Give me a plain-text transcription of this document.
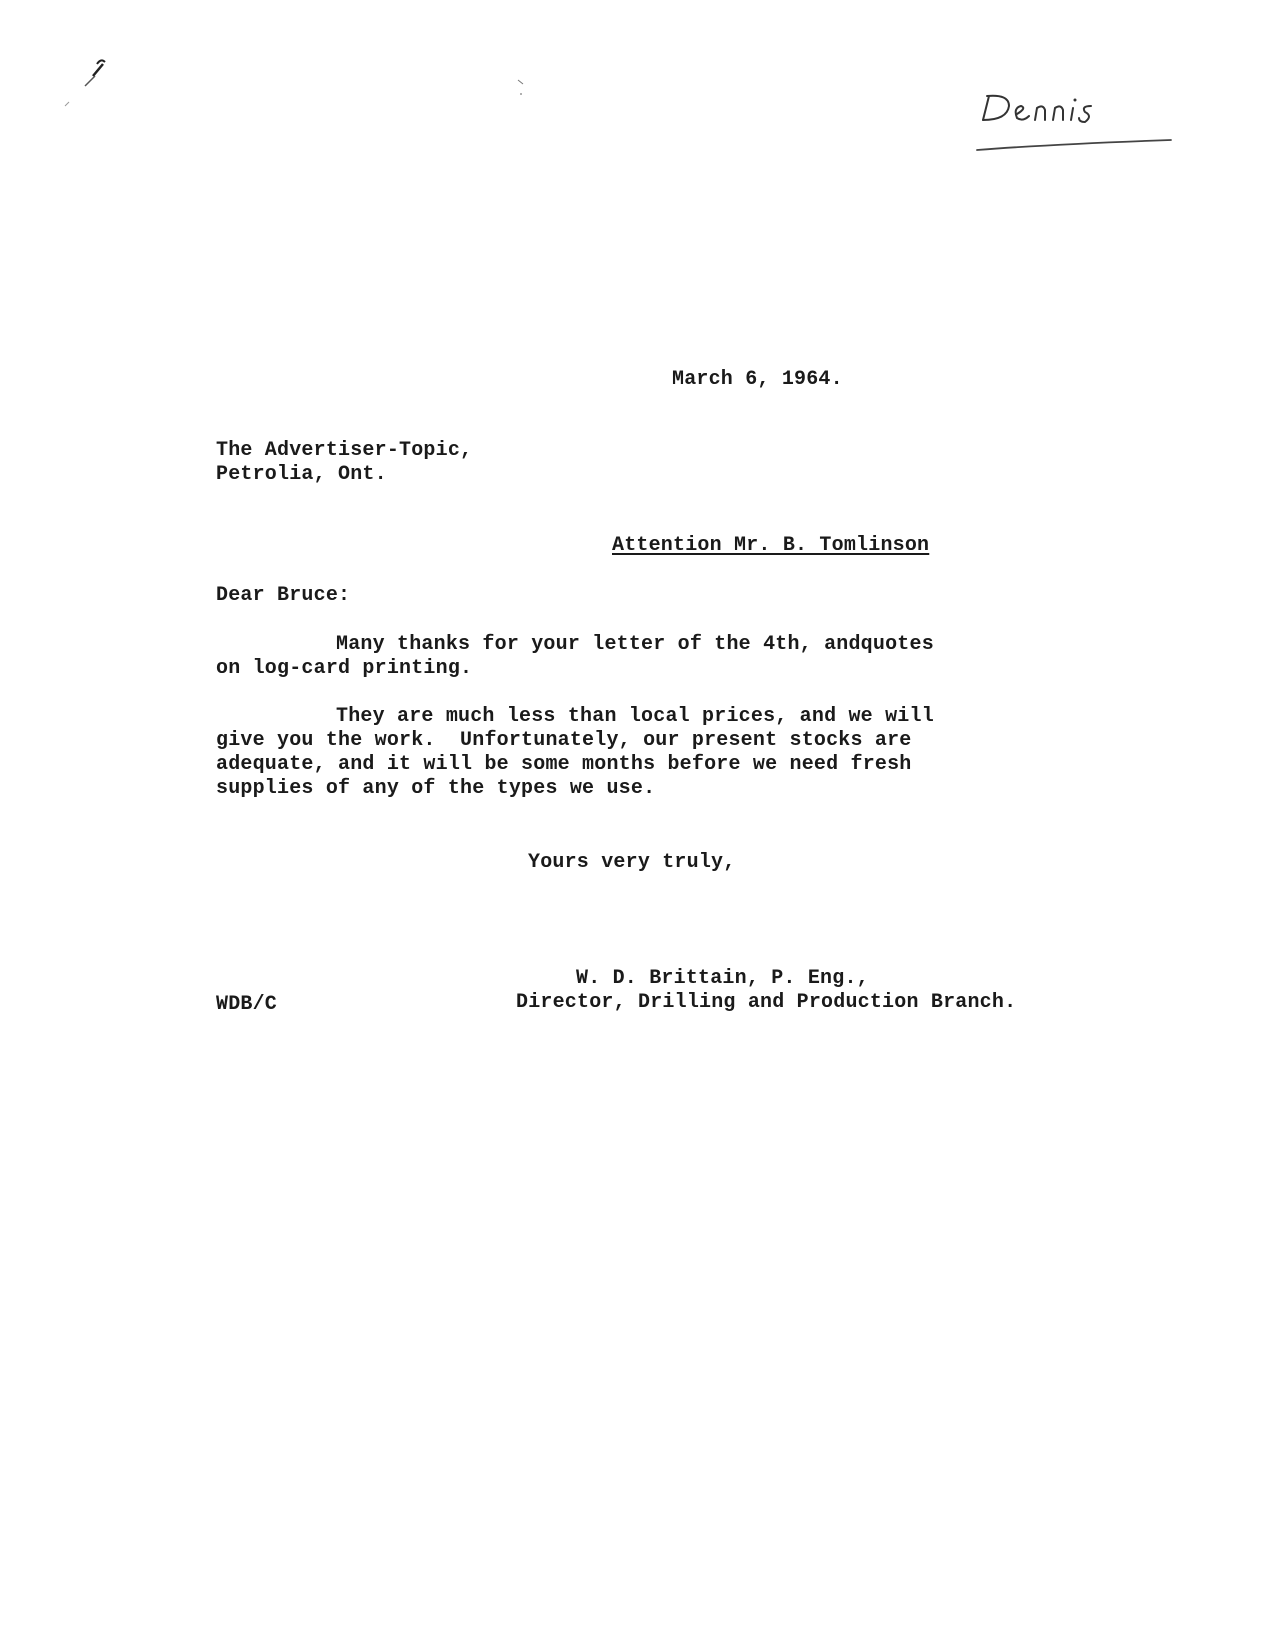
March 6, 1964.
The Advertiser-Topic,
Petrolia, Ont.
Attention Mr. B. Tomlinson
Dear Bruce:
Many thanks for your letter of the 4th, andquotes
on log-card printing.
They are much less than local prices, and we will
give you the work.  Unfortunately, our present stocks are
adequate, and it will be some months before we need fresh
supplies of any of the types we use.
Yours very truly,
W. D. Brittain, P. Eng.,
WDB/C	Director, Drilling and Production Branch.
